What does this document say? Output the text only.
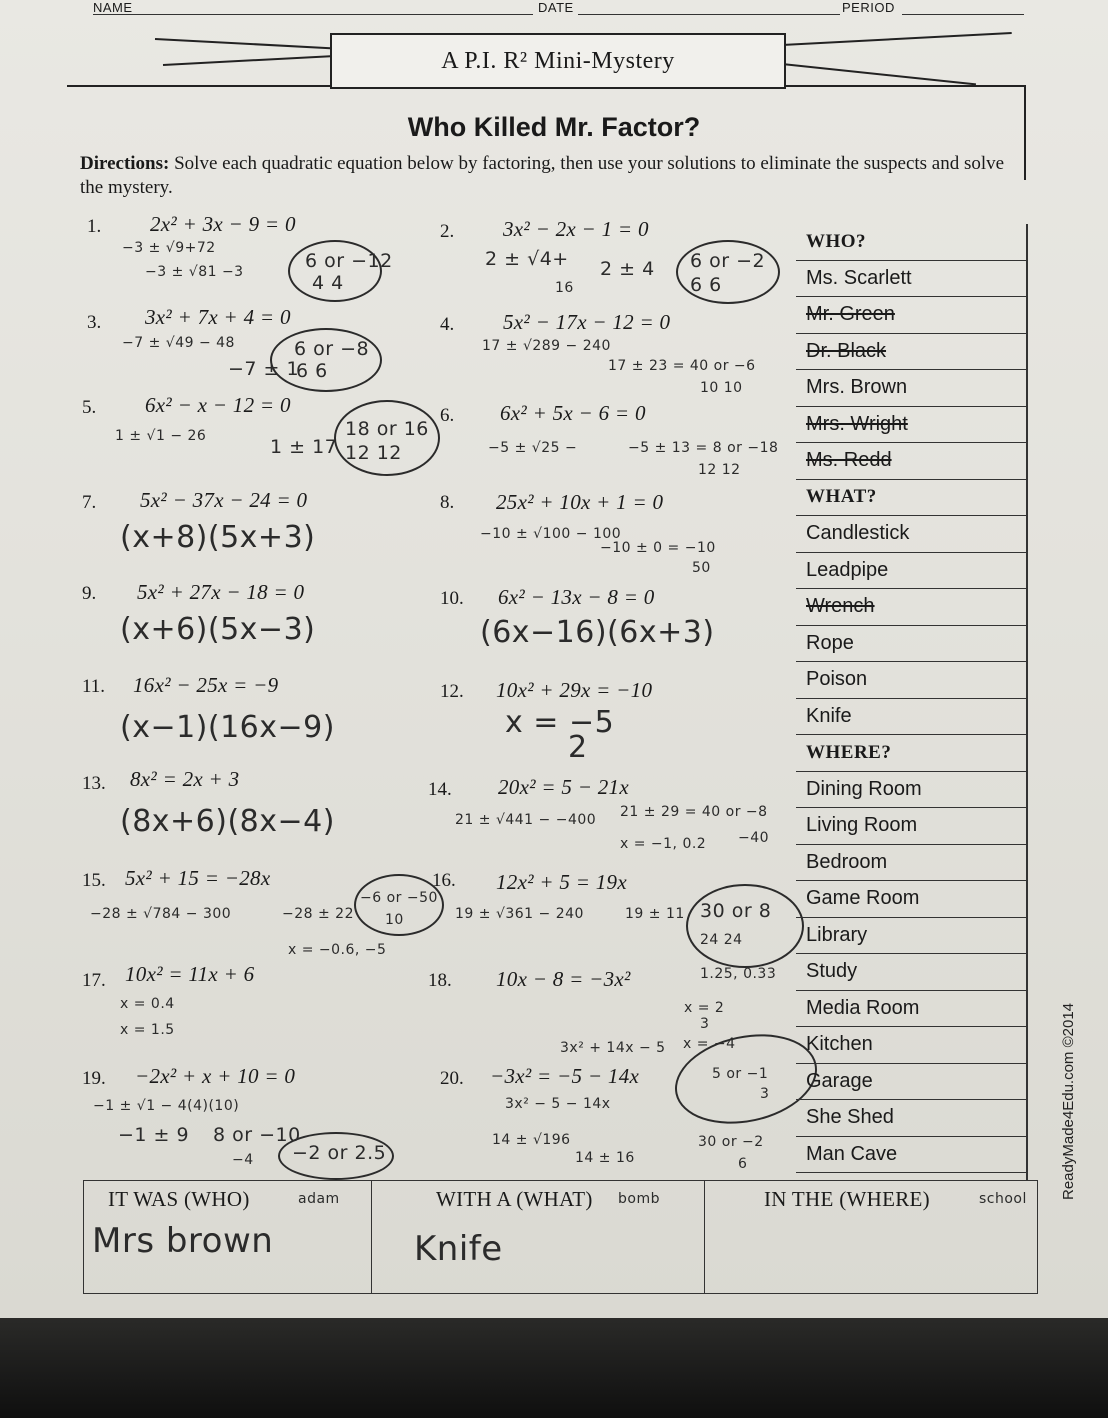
NAME	DATE	PERIOD
A P.I. R² Mini-Mystery
Who Killed Mr. Factor?
Directions: Solve each quadratic equation below by factoring, then use your solutions to eliminate the suspects and solve the mystery.
1. 2x² + 3x − 9 = 0	2. 3x² − 2x − 1 = 0
3. 3x² + 7x + 4 = 0	4. 5x² − 17x − 12 = 0
5. 6x² − x − 12 = 0	6. 6x² + 5x − 6 = 0
7. 5x² − 37x − 24 = 0	8. 25x² + 10x + 1 = 0
9. 5x² + 27x − 18 = 0	10. 6x² − 13x − 8 = 0
11. 16x² − 25x = −9	12. 10x² + 29x = −10
13. 8x² = 2x + 3	14. 20x² = 5 − 21x
15. 5x² + 15 = −28x	16. 12x² + 5 = 19x
17. 10x² = 11x + 6	18. 10x − 8 = −3x²
19. −2x² + x + 10 = 0	20. −3x² = −5 − 14x
−3 ± √9+72
−3 ± √81 −3	6 or −12
4 4
2 ± √4+
16
2 ± 4 6 or −2
6 6
−7 ± √49 − 48
−7 ± 1
6 or −8
6 6
17 ± √289 − 240
17 ± 23 = 40 or −6
10 10
1 ± √1 − 26	1 ± 17
18 or 16
12 12	−5 ± √25 −	−5 ± 13 = 8 or −18
12 12
(x+8)(5x+3)	−10 ± √100 − 100
−10 ± 0 = −10
50
(x+6)(5x−3)	(6x−16)(6x+3)
(x−1)(16x−9)	x = −5
2
(8x+6)(8x−4)	21 ± √441 − −400 21 ± 29 = 40 or −8
x = −1, 0.2 −40
−28 ± √784 − 300	−28 ± 22
−6 or −50
10
x = −0.6, −5
19 ± √361 − 240	19 ± 11 30 or 8
24 24
x = 0.4
x = 1.5
1.25, 0.33
x = 2
3
x = −4
3x² + 14x − 5
−1 ± √1 − 4(4)(10)
−1 ± 9 8 or −10
−4 −2 or 2.5
3x² − 5 − 14x
5 or −1
3
14 ± √196
14 ± 16
30 or −2
6
WHO?
Ms. Scarlett
Mr. Green
Dr. Black
Mrs. Brown
Mrs. Wright
Ms. Redd
WHAT?
Candlestick
Leadpipe
Wrench
Rope
Poison
Knife
WHERE?
Dining Room
Living Room
Bedroom
Game Room
Library
Study
Media Room
Kitchen
Garage
She Shed
Man Cave
IT WAS (WHO)	adam
Mrs brown
WITH A (WHAT) bomb
Knife
IN THE (WHERE)	school ReadyMade4Edu.com ©2014
